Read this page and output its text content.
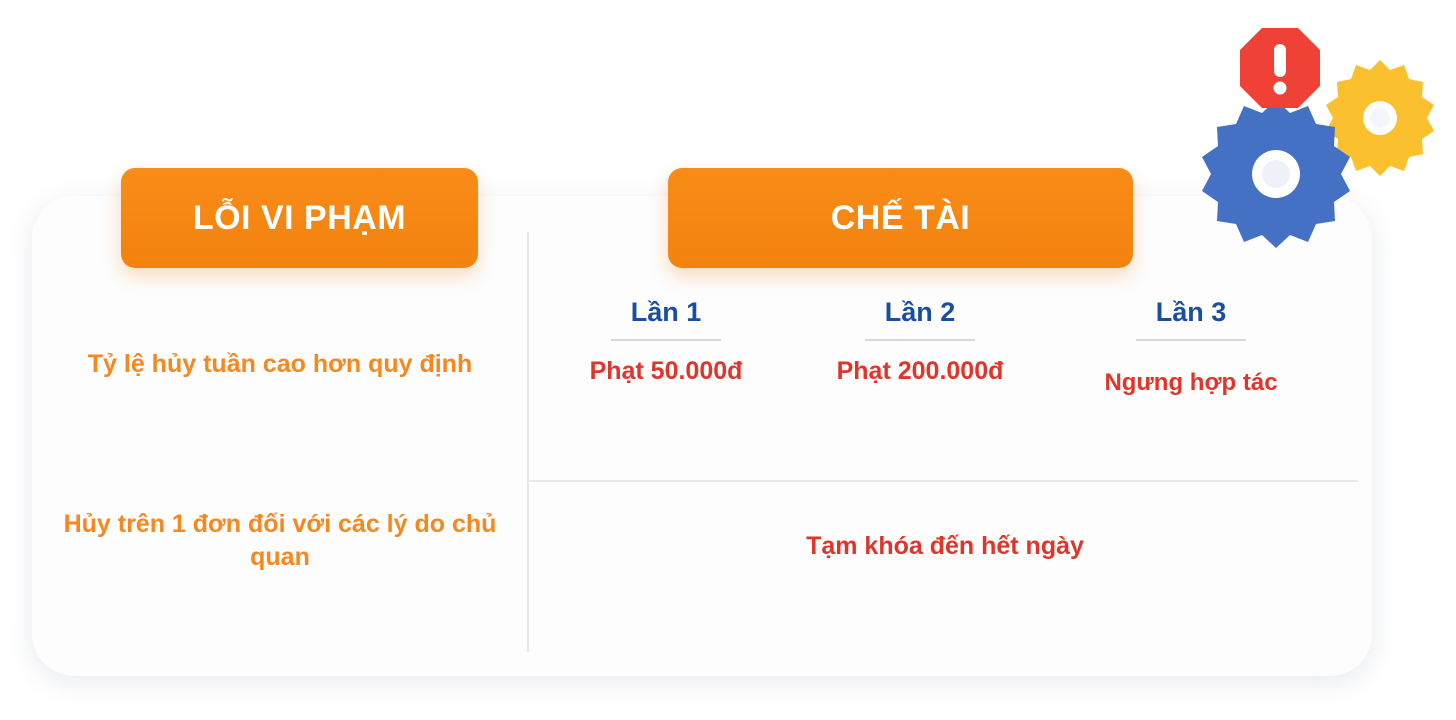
LỖI VI PHẠM	CHẾ TÀI
Tỷ lệ hủy tuần cao hơn quy định
Hủy trên 1 đơn đối với các lý do chủ quan
Lần 1
Phạt 50.000đ
Lần 2
Phạt 200.000đ
Lần 3
Ngưng hợp tác
Tạm khóa đến hết ngày
